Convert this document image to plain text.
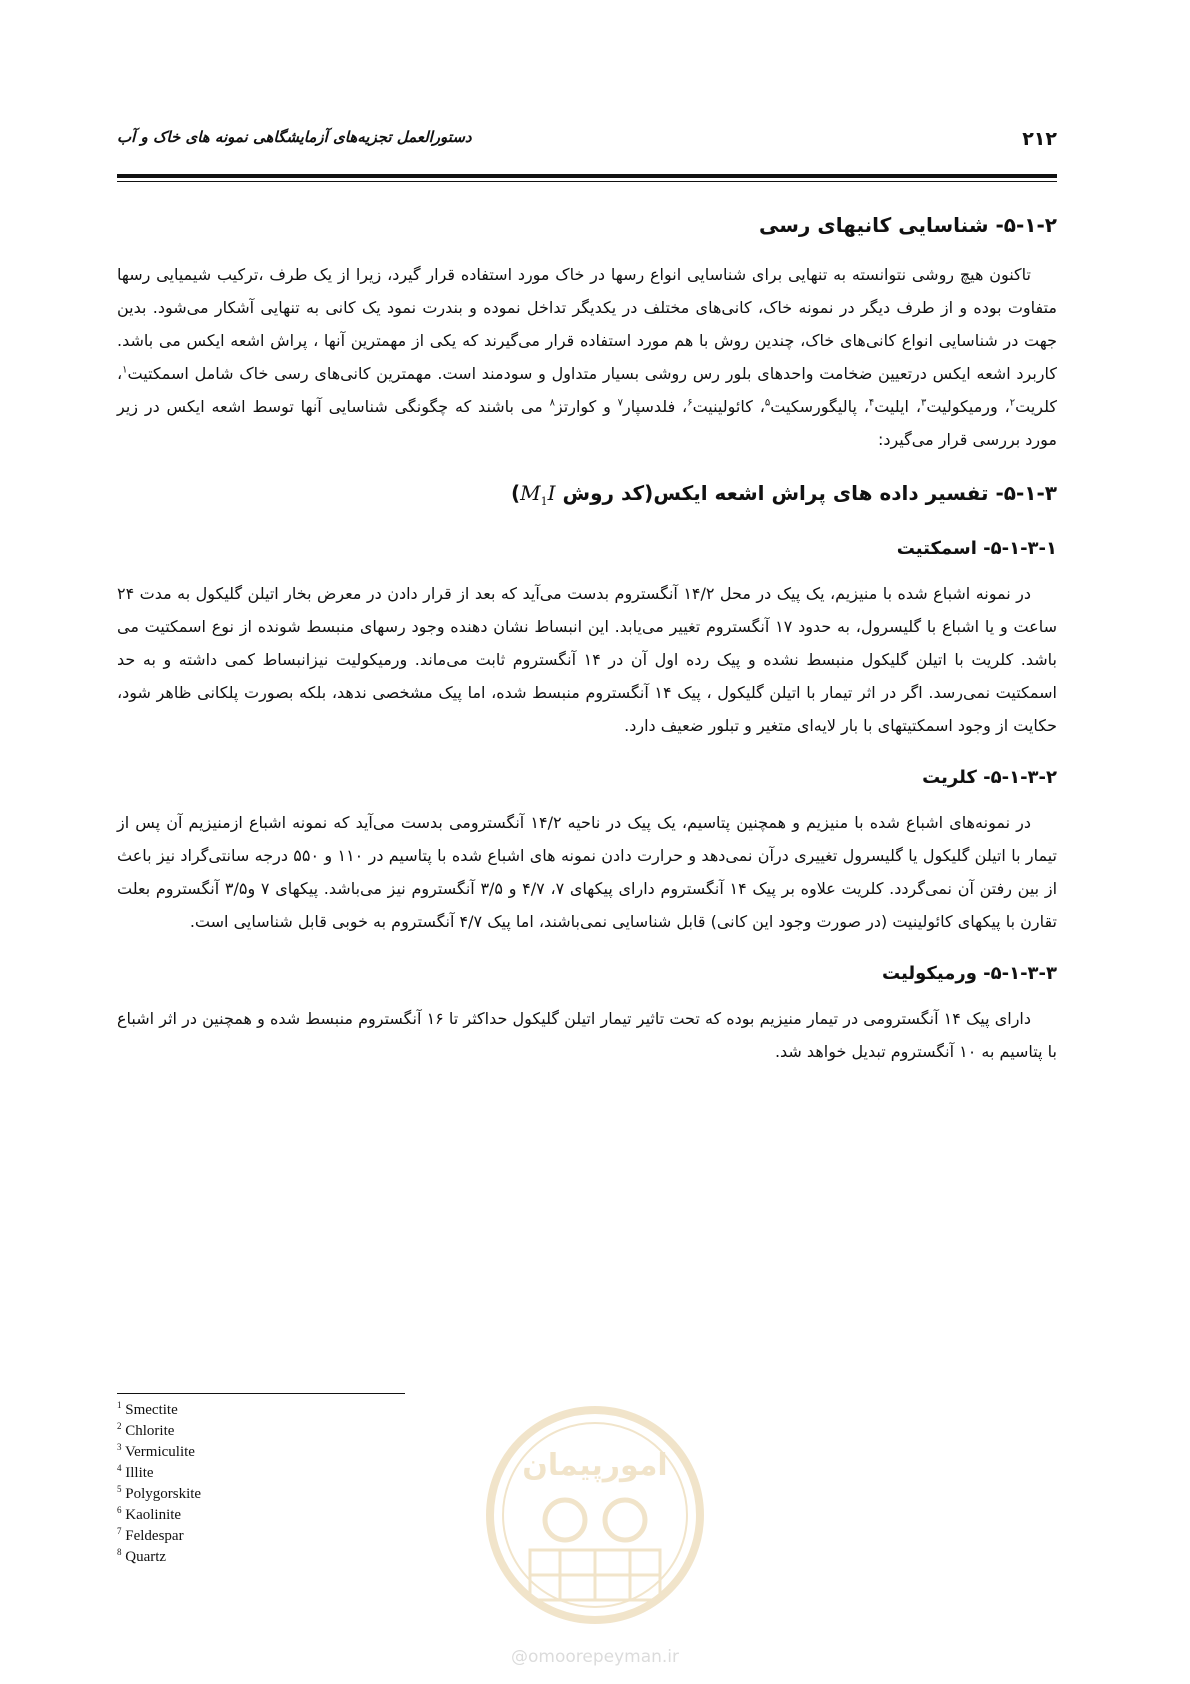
۲۱۲
دستورالعمل تجزیه‌های آزمایشگاهی نمونه های خاک و آب
۵-۱-۲- شناسایی کانیهای رسی

تاکنون هیچ روشی نتوانسته به تنهایی برای شناسایی انواع رسها در خاک مورد استفاده قرار گیرد، زیرا از یک طرف ،ترکیب شیمیایی رسها متفاوت بوده و از طرف دیگر در نمونه خاک، کانی‌های مختلف در یکدیگر تداخل نموده و بندرت نمود یک کانی به تنهایی آشکار می‌شود. بدین جهت در شناسایی انواع کانی‌های خاک، چندین روش با هم مورد استفاده قرار می‌گیرند که یکی از مهمترین آنها ، پراش اشعه ایکس می باشد. کاربرد اشعه ایکس درتعیین ضخامت واحدهای بلور رس روشی بسیار متداول و سودمند است. مهمترین کانی‌های رسی خاک شامل اسمکتیت$^۱$، کلریت$^۲$، ورمیکولیت$^۳$، ایلیت$^۴$، پالیگورسکیت$^۵$، کائولینیت$^۶$، فلدسپار$^۷$ و کوارتز$^۸$ می باشند که چگونگی شناسایی آنها توسط اشعه ایکس در زیر مورد بررسی قرار می‌گیرد:

۵-۱-۳- تفسیر داده های پراش اشعه ایکس(کد روش $M_1I$)
۵-۱-۳-۱- اسمکتیت

در نمونه اشباع شده با منیزیم، یک پیک در محل ۱۴/۲ آنگستروم بدست می‌آید که بعد از قرار دادن در معرض بخار اتیلن گلیکول به مدت ۲۴ ساعت و یا اشباع با گلیسرول، به حدود ۱۷ آنگستروم تغییر می‌یابد. این انبساط نشان دهنده وجود رسهای منبسط شونده از نوع اسمکتیت می باشد. کلریت با اتیلن گلیکول منبسط نشده و پیک رده اول آن در ۱۴ آنگستروم ثابت می‌ماند. ورمیکولیت نیزانبساط کمی داشته و به حد اسمکتیت نمی‌رسد. اگر در اثر تیمار با اتیلن گلیکول ، پیک ۱۴ آنگستروم منبسط شده، اما پیک مشخصی ندهد، بلکه بصورت پلکانی ظاهر شود، حکایت از وجود اسمکتیتهای با بار لایه‌ای متغیر و تبلور ضعیف دارد.

۵-۱-۳-۲- کلریت

در نمونه‌های اشباع شده با منیزیم و همچنین پتاسیم، یک پیک در ناحیه ۱۴/۲ آنگسترومی بدست می‌آید که نمونه اشباع ازمنیزیم آن پس از تیمار با اتیلن گلیکول یا گلیسرول تغییری درآن نمی‌دهد و حرارت دادن نمونه های اشباع شده با پتاسیم در ۱۱۰ و ۵۵۰ درجه سانتی‌گراد نیز باعث از بین رفتن آن نمی‌گردد. کلریت علاوه بر پیک ۱۴ آنگستروم دارای پیکهای ۷، ۴/۷ و ۳/۵ آنگستروم نیز می‌باشد. پیکهای ۷ و۳/۵ آنگستروم بعلت تقارن با پیکهای کائولینیت (در صورت وجود این کانی) قابل شناسایی نمی‌باشند، اما پیک ۴/۷ آنگستروم به خوبی قابل شناسایی است.

۵-۱-۳-۳- ورمیکولیت

دارای پیک ۱۴ آنگسترومی در تیمار منیزیم بوده که تحت تاثیر تیمار اتیلن گلیکول حداکثر تا ۱۶ آنگستروم منبسط شده و همچنین در اثر اشباع با پتاسیم به ۱۰ آنگستروم تبدیل خواهد شد.

$^1$ Smectite
$^2$ Chlorite
$^3$ Vermiculite
$^4$ Illite
$^5$ Polygorskite
$^6$ Kaolinite
$^7$ Feldespar
$^8$ Quartz
امورپیمان
@omoorepeyman.ir
